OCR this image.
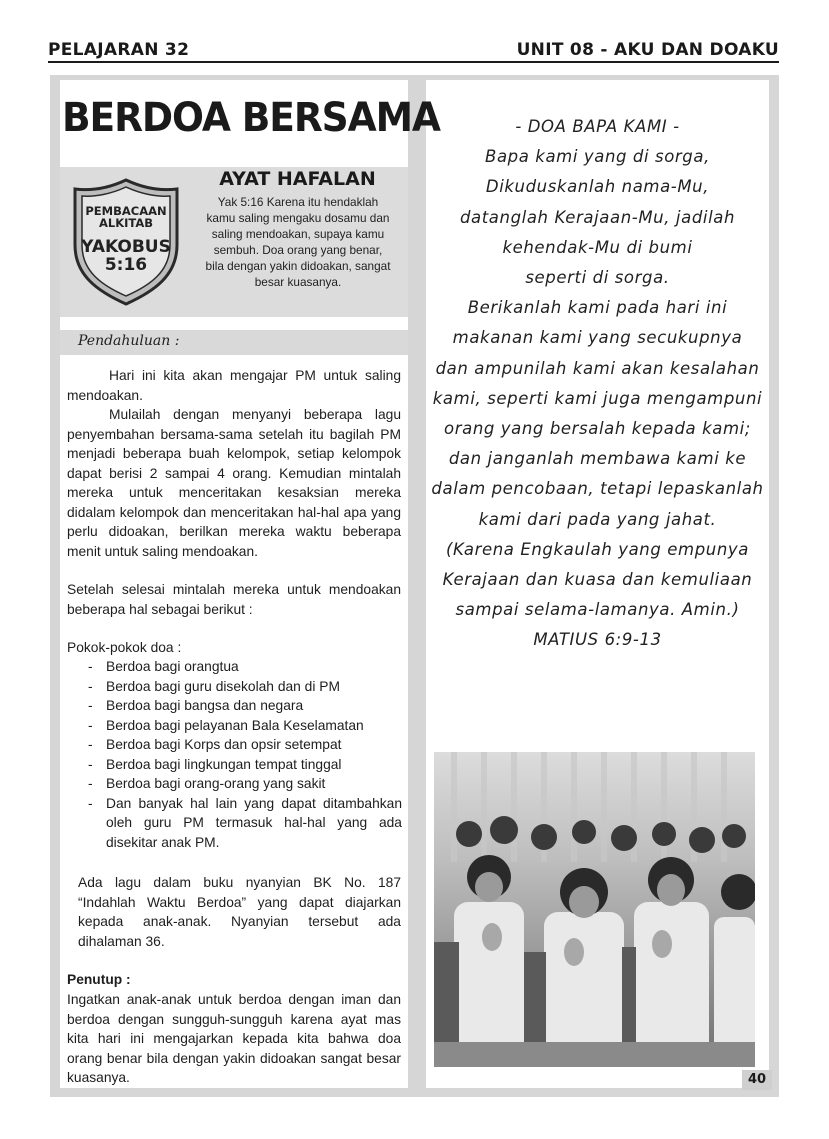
PELAJARAN 32	UNIT 08 - AKU DAN DOAKU
BERDOA BERSAMA
PEMBACAAN
ALKITAB
YAKOBUS
5:16
AYAT HAFALAN
Yak 5:16 Karena itu hendaklah
kamu saling mengaku dosamu dan
saling mendoakan, supaya kamu
sembuh. Doa orang yang benar,
bila dengan yakin didoakan, sangat
besar kuasanya.
Pendahuluan :

Hari ini kita akan mengajar PM untuk saling mendoakan.

Mulailah dengan menyanyi beberapa lagu penyembahan bersama-sama setelah itu bagilah PM menjadi beberapa buah kelompok, setiap kelompok dapat berisi 2 sampai 4 orang. Kemudian mintalah mereka untuk menceritakan kesaksian mereka didalam kelompok dan menceritakan hal-hal apa yang perlu didoakan, berilkan mereka waktu beberapa menit untuk saling mendoakan.

Setelah selesai mintalah mereka untuk mendoakan beberapa hal sebagai berikut :
Pokok-pokok doa :
- Berdoa bagi orangtua
- Berdoa bagi guru disekolah dan di PM
- Berdoa bagi bangsa dan negara
- Berdoa bagi pelayanan Bala Keselamatan
- Berdoa bagi Korps dan opsir setempat
- Berdoa bagi lingkungan tempat tinggal
- Berdoa bagi orang-orang yang sakit
- Dan banyak hal lain yang dapat ditambahkan oleh guru PM termasuk hal-hal yang ada disekitar anak PM.
Ada lagu dalam buku nyanyian BK No. 187 “Indahlah Waktu Berdoa” yang dapat diajarkan kepada anak-anak. Nyanyian tersebut ada dihalaman 36.
Penutup :
Ingatkan anak-anak untuk berdoa dengan iman dan berdoa dengan sungguh-sungguh karena ayat mas kita hari ini mengajarkan kepada kita bahwa doa orang benar bila dengan yakin didoakan sangat besar kuasanya.
- DOA BAPA KAMI -
Bapa kami yang di sorga,
Dikuduskanlah nama-Mu,
datanglah Kerajaan-Mu, jadilah
kehendak-Mu di bumi
seperti di sorga.
Berikanlah kami pada hari ini
makanan kami yang secukupnya
dan ampunilah kami akan kesalahan
kami, seperti kami juga mengampuni
orang yang bersalah kepada kami;
dan janganlah membawa kami ke
dalam pencobaan, tetapi lepaskanlah
kami dari pada yang jahat.
(Karena Engkaulah yang empunya
Kerajaan dan kuasa dan kemuliaan
sampai selama-lamanya. Amin.)
MATIUS 6:9-13
40
